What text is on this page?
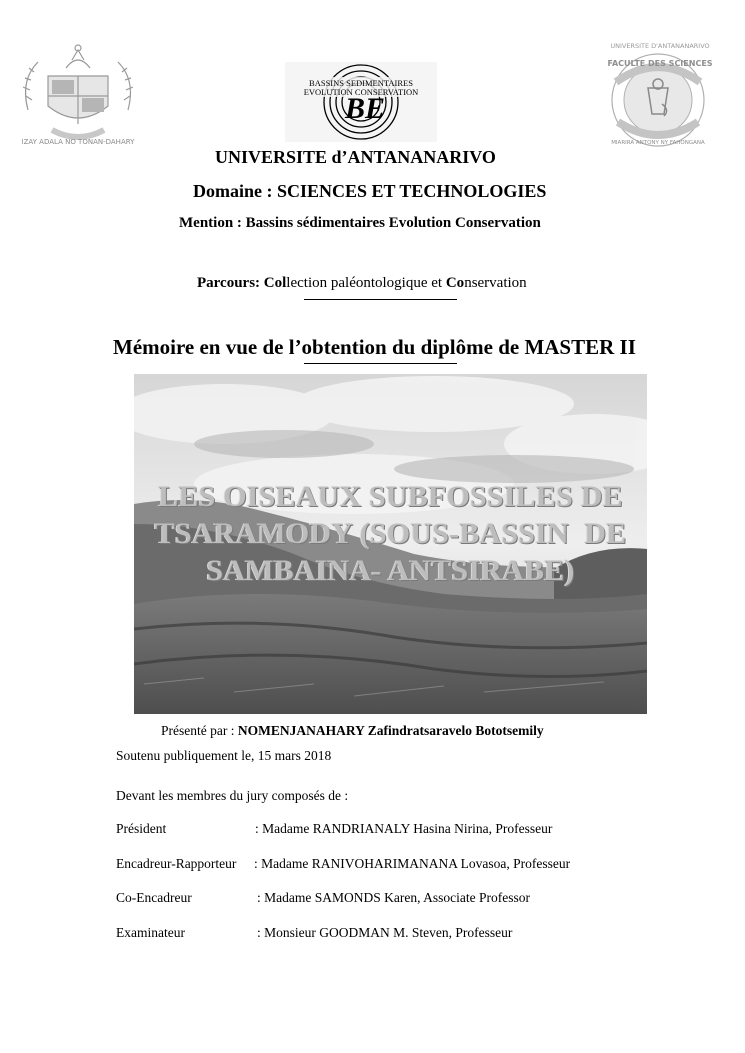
IZAY ADALA NO TONAN-DAHARY
BASSINS SEDIMENTAIRES
EVOLUTION CONSERVATION
BE
UNIVERSITE D'ANTANANARIVO
FACULTE DES SCIENCES
MIARIRA ANTONY NY FAHONGANA
UNIVERSITE d’ANTANANARIVO
Domaine : SCIENCES ET TECHNOLOGIES
Mention : Bassins sédimentaires Evolution Conservation
Parcours: Collection paléontologique et Conservation
Mémoire en vue de l’obtention du diplôme de MASTER II
LES OISEAUX SUBFOSSILES DE
TSARAMODY (SOUS-BASSIN  DE
SAMBAINA- ANTSIRABE)
Présenté par : NOMENJANAHARY Zafindratsaravelo Bototsemily
Soutenu publiquement le, 15 mars 2018
Devant les membres du jury composés de :
Président	: Madame RANDRIANALY Hasina Nirina, Professeur
Encadreur-Rapporteur : Madame RANIVOHARIMANANA Lovasoa, Professeur
Co-Encadreur	: Madame SAMONDS Karen, Associate Professor
Examinateur	: Monsieur GOODMAN M. Steven, Professeur
